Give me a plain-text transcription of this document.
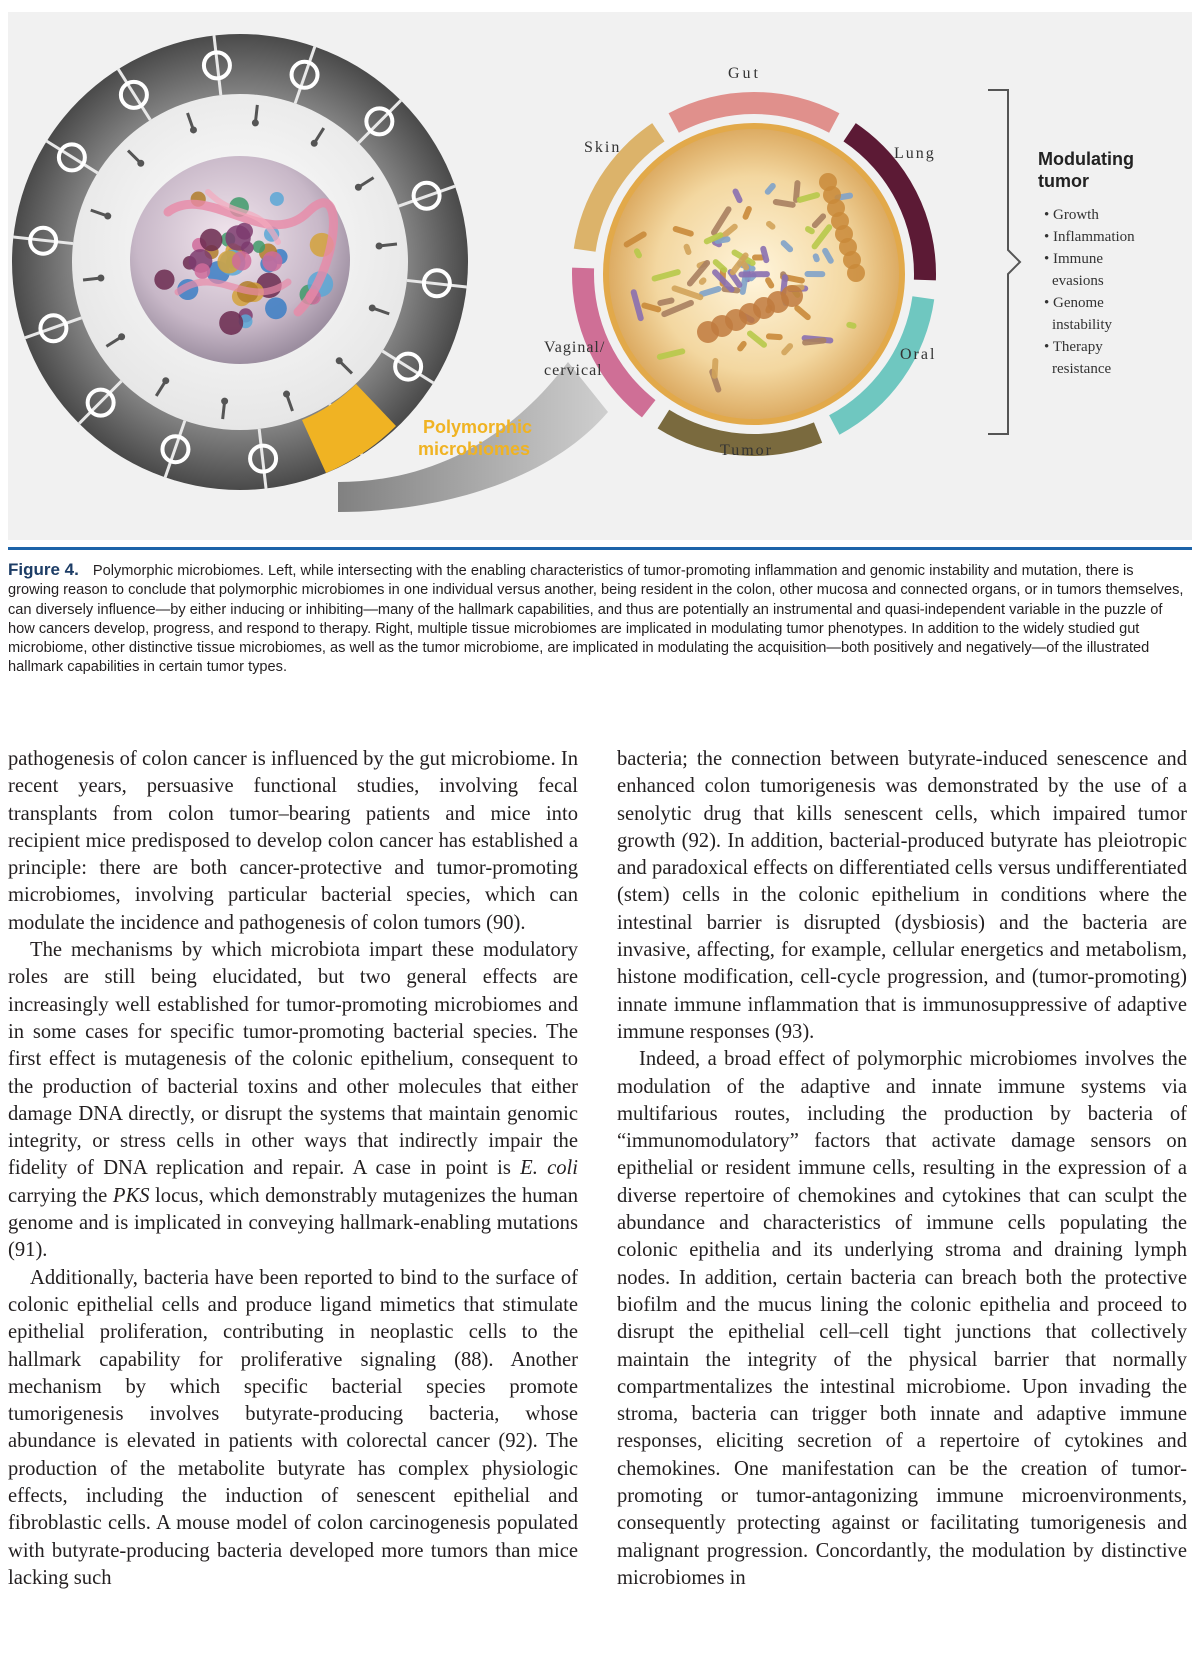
Polymorphic
microbiomes
Gut
Lung
Oral
Tumor
Vaginal/
cervical
Skin
Modulating
tumor
• Growth
• Inflammation
• Immune
evasions
• Genome
instability
• Therapy
resistance
Figure 4. Polymorphic microbiomes. Left, while intersecting with the enabling characteristics of tumor-promoting inflammation and genomic instability and mutation, there is growing reason to conclude that polymorphic microbiomes in one individual versus another, being resident in the colon, other mucosa and connected organs, or in tumors themselves, can diversely influence—by either inducing or inhibiting—many of the hallmark capabilities, and thus are potentially an instrumental and quasi-independent variable in the puzzle of how cancers develop, progress, and respond to therapy. Right, multiple tissue microbiomes are implicated in modulating tumor phenotypes. In addition to the widely studied gut microbiome, other distinctive tissue microbiomes, as well as the tumor microbiome, are implicated in modulating the acquisition—both positively and negatively—of the illustrated hallmark capabilities in certain tumor types.

pathogenesis of colon cancer is influenced by the gut microbiome. In recent years, persuasive functional studies, involving fecal transplants from colon tumor–bearing patients and mice into recipient mice predisposed to develop colon cancer has established a principle: there are both cancer-protective and tumor-promoting microbiomes, involving particular bacterial species, which can modulate the incidence and pathogenesis of colon tumors (90).

The mechanisms by which microbiota impart these modulatory roles are still being elucidated, but two general effects are increasingly well established for tumor-promoting microbiomes and in some cases for specific tumor-promoting bacterial species. The first effect is mutagenesis of the colonic epithelium, consequent to the production of bacterial toxins and other molecules that either damage DNA directly, or disrupt the systems that maintain genomic integrity, or stress cells in other ways that indirectly impair the fidelity of DNA replication and repair. A case in point is E. coli carrying the PKS locus, which demonstrably mutagenizes the human genome and is implicated in conveying hallmark-enabling mutations (91).

Additionally, bacteria have been reported to bind to the surface of colonic epithelial cells and produce ligand mimetics that stimulate epithelial proliferation, contributing in neoplastic cells to the hallmark capability for proliferative signaling (88). Another mechanism by which specific bacterial species promote tumorigenesis involves butyrate-producing bacteria, whose abundance is elevated in patients with colorectal cancer (92). The production of the metabolite butyrate has complex physiologic effects, including the induction of senescent epithelial and fibroblastic cells. A mouse model of colon carcinogenesis populated with butyrate-producing bacteria developed more tumors than mice lacking such

bacteria; the connection between butyrate-induced senescence and enhanced colon tumorigenesis was demonstrated by the use of a senolytic drug that kills senescent cells, which impaired tumor growth (92). In addition, bacterial-produced butyrate has pleiotropic and paradoxical effects on differentiated cells versus undifferentiated (stem) cells in the colonic epithelium in conditions where the intestinal barrier is disrupted (dysbiosis) and the bacteria are invasive, affecting, for example, cellular energetics and metabolism, histone modification, cell-cycle progression, and (tumor-promoting) innate immune inflammation that is immunosuppressive of adaptive immune responses (93).

Indeed, a broad effect of polymorphic microbiomes involves the modulation of the adaptive and innate immune systems via multifarious routes, including the production by bacteria of “immunomodulatory” factors that activate damage sensors on epithelial or resident immune cells, resulting in the expression of a diverse repertoire of chemokines and cytokines that can sculpt the abundance and characteristics of immune cells populating the colonic epithelia and its underlying stroma and draining lymph nodes. In addition, certain bacteria can breach both the protective biofilm and the mucus lining the colonic epithelia and proceed to disrupt the epithelial cell–cell tight junctions that collectively maintain the integrity of the physical barrier that normally compartmentalizes the intestinal microbiome. Upon invading the stroma, bacteria can trigger both innate and adaptive immune responses, eliciting secretion of a repertoire of cytokines and chemokines. One manifestation can be the creation of tumor-promoting or tumor-antagonizing immune microenvironments, consequently protecting against or facilitating tumorigenesis and malignant progression. Concordantly, the modulation by distinctive microbiomes in
